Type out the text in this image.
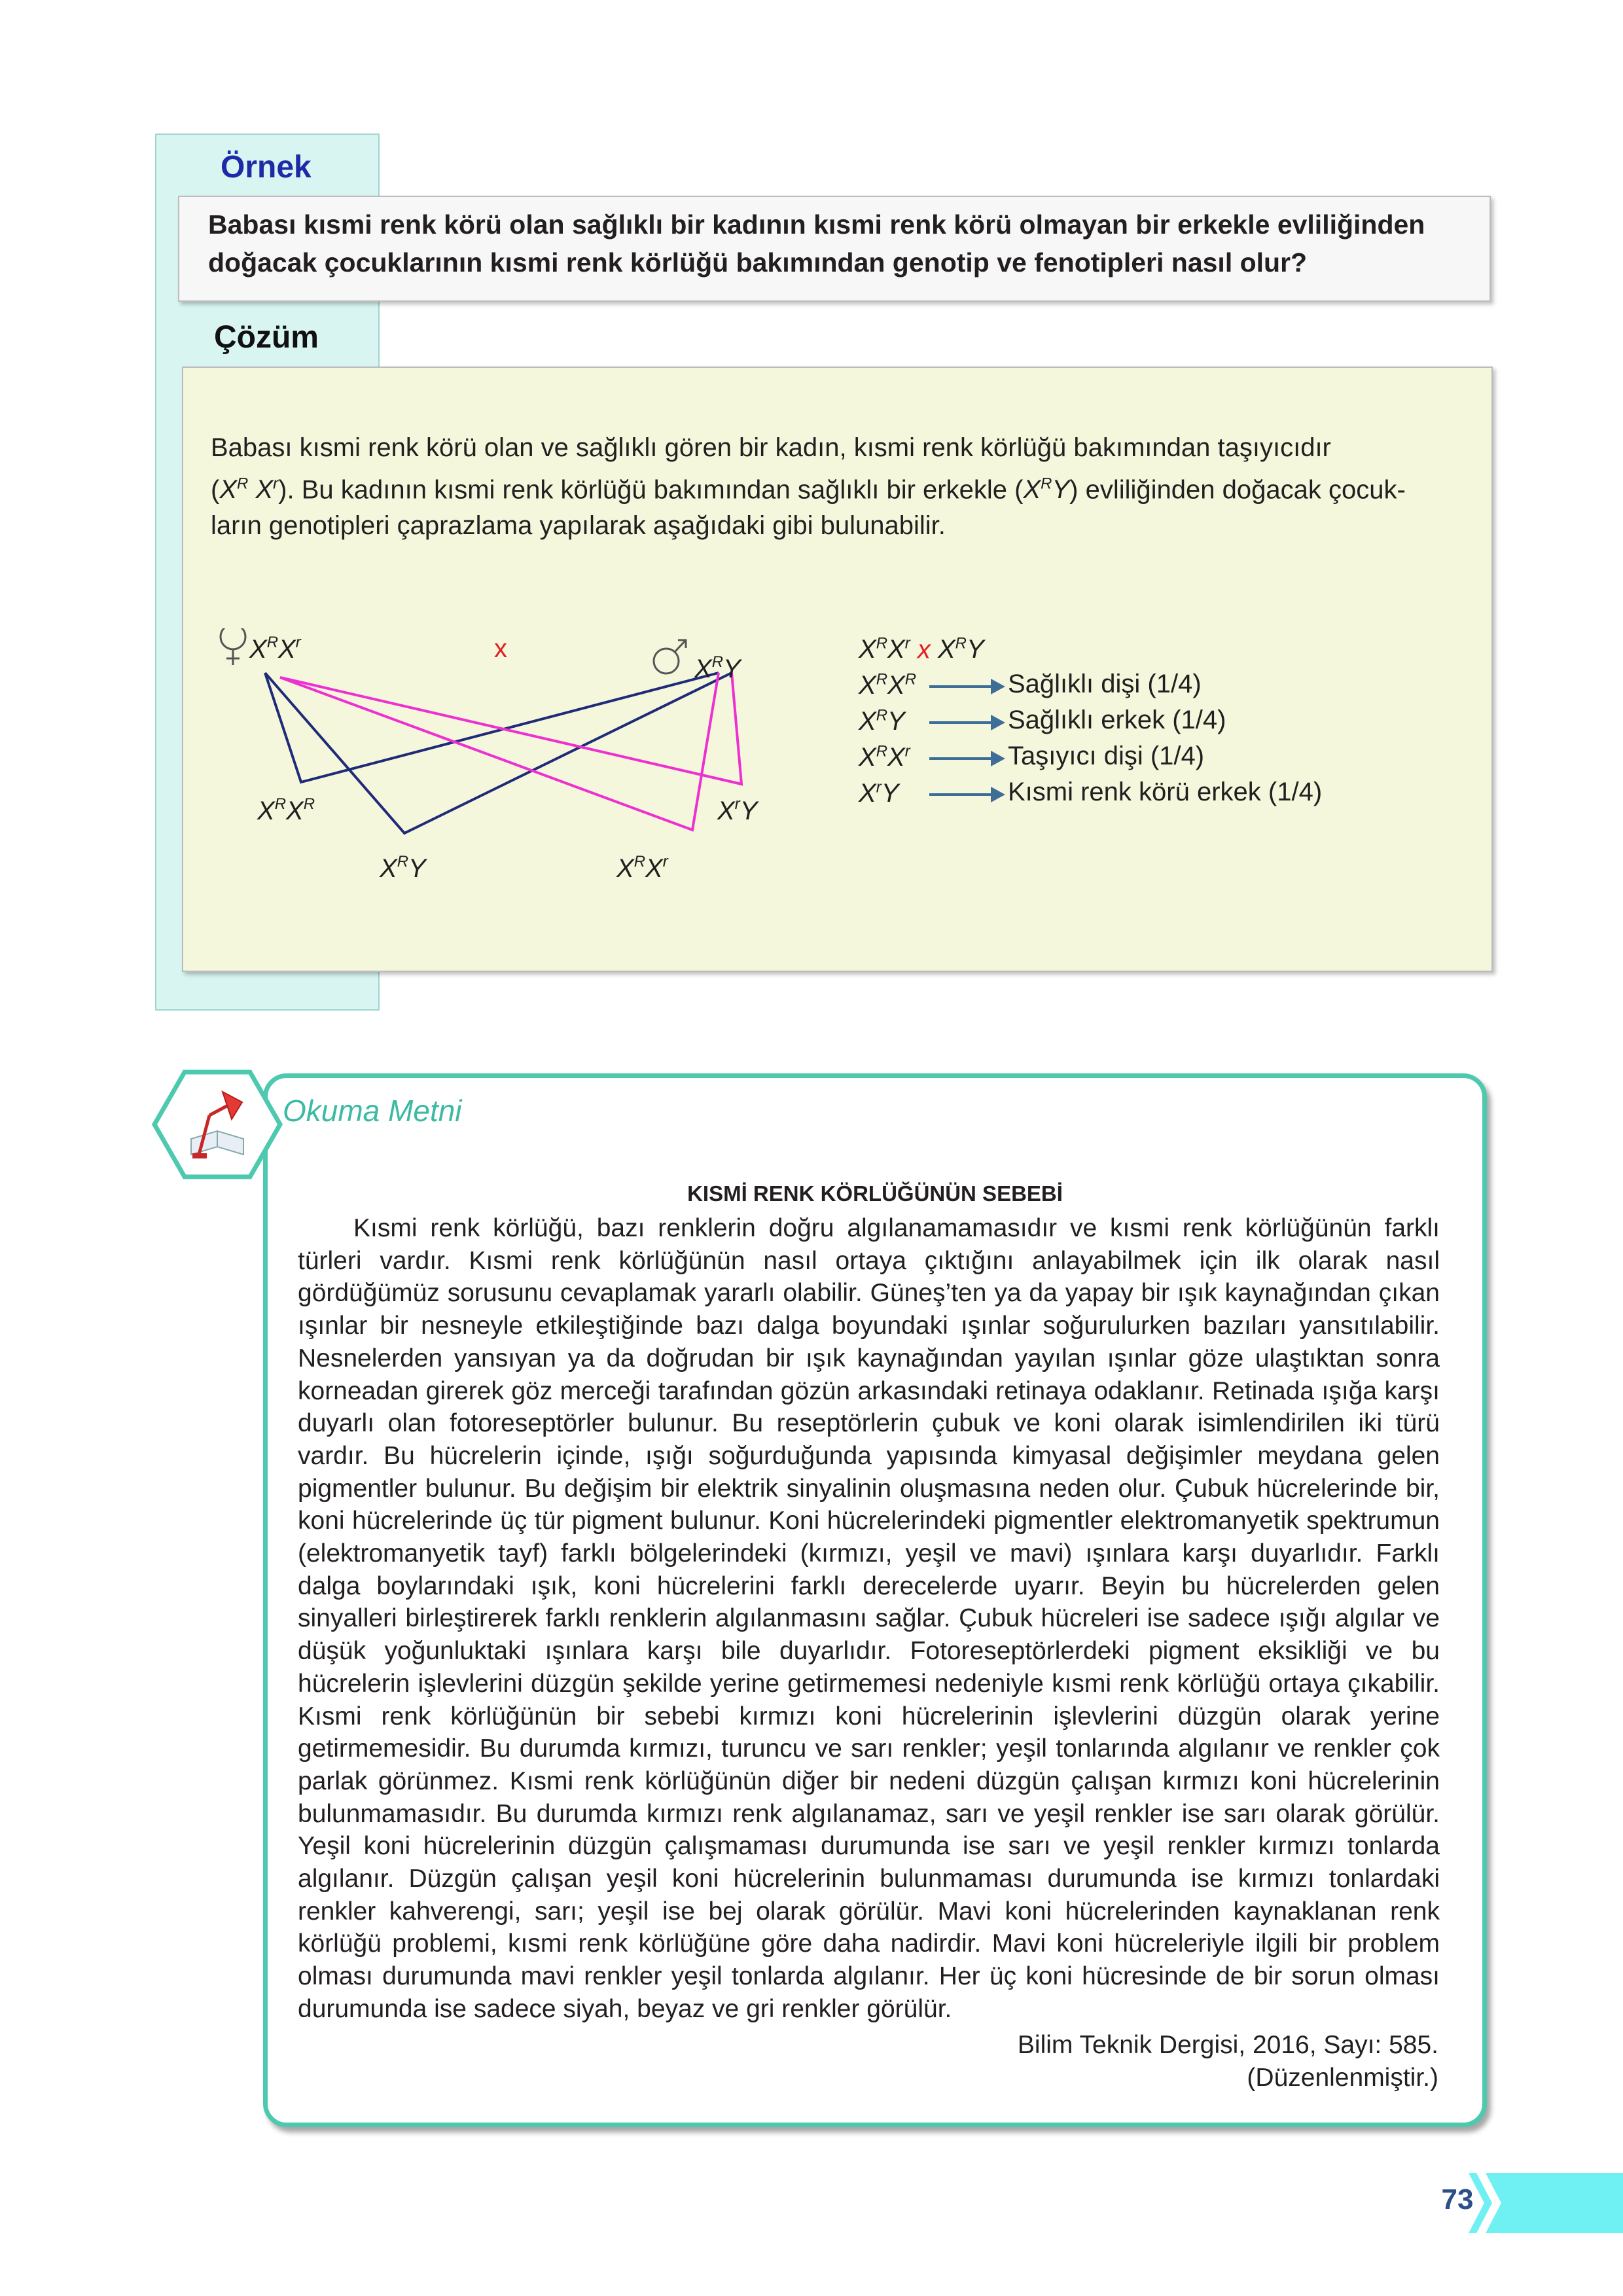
Örnek
Babası kısmi renk körü olan sağlıklı bir kadının kısmi renk körü olmayan bir erkekle evliliğinden doğacak çocuklarının kısmi renk körlüğü bakımından genotip ve fenotipleri nasıl olur?
Çözüm

Babası kısmi renk körü olan ve sağlıklı gören bir kadın, kısmi renk körlüğü bakımından taşıyıcıdır

($X^R$ $X^r$). Bu kadının kısmi renk körlüğü bakımından sağlıklı bir erkekle $(X^RY)$ evliliğinden doğacak çocuk-

ların genotipleri çaprazlama yapılarak aşağıdaki gibi bulunabilir.

$X^RX^r$	x
$X^RY$
$X^RX^R$	$X^rY$
$X^RY$	$X^RX^r$
$X^RX^r$ x $X^RY$
$X^RX^R$	Sağlıklı dişi (1/4)
$X^RY$	Sağlıklı erkek (1/4)
$X^RX^r$	Taşıyıcı dişi (1/4)
$X^rY$	Kısmi renk körü erkek (1/4)
Okuma Metni
KISMİ RENK KÖRLÜĞÜNÜN SEBEBİ

Kısmi renk körlüğü, bazı renklerin doğru algılanamamasıdır ve kısmi renk körlüğünün farklı türleri vardır. Kısmi renk körlüğünün nasıl ortaya çıktığını anlayabilmek için ilk olarak nasıl gördüğümüz sorusunu cevaplamak yararlı olabilir. Güneş’ten ya da yapay bir ışık kaynağından çıkan ışınlar bir nesneyle etkileştiğinde bazı dalga boyundaki ışınlar soğurulurken bazıları yansıtılabilir. Nesnelerden yansıyan ya da doğrudan bir ışık kaynağından yayılan ışınlar göze ulaştıktan sonra korneadan girerek göz merceği tarafından gözün arkasındaki retinaya odaklanır. Retinada ışığa karşı duyarlı olan fotoreseptörler bulunur. Bu reseptörlerin çubuk ve koni olarak isimlendirilen iki türü vardır. Bu hücrelerin içinde, ışığı soğurduğunda yapısında kimyasal değişimler meydana gelen pigmentler bulunur. Bu değişim bir elektrik sinyalinin oluşmasına neden olur. Çubuk hücrelerinde bir, koni hücrelerinde üç tür pigment bulunur. Koni hücrelerindeki pigmentler elektromanyetik spektrumun (elektromanyetik tayf) farklı bölgelerindeki (kırmızı, yeşil ve mavi) ışınlara karşı duyarlıdır. Farklı dalga boylarındaki ışık, koni hücrelerini farklı derecelerde uyarır. Beyin bu hücrelerden gelen sinyalleri birleştirerek farklı renklerin algılanmasını sağlar. Çubuk hücreleri ise sadece ışığı algılar ve düşük yoğunluktaki ışınlara karşı bile duyarlıdır. Fotoreseptörlerdeki pigment eksikliği ve bu hücrelerin işlevlerini düzgün şekilde yerine getirmemesi nedeniyle kısmi renk körlüğü ortaya çıkabilir. Kısmi renk körlüğünün bir sebebi kırmızı koni hücrelerinin işlevlerini düzgün olarak yerine getirmemesidir. Bu durumda kırmızı, turuncu ve sarı renkler; yeşil tonlarında algılanır ve renkler çok parlak görünmez. Kısmi renk körlüğünün diğer bir nedeni düzgün çalışan kırmızı koni hücrelerinin bulunmamasıdır. Bu durumda kırmızı renk algılanamaz, sarı ve yeşil renkler ise sarı olarak görülür. Yeşil koni hücrelerinin düzgün çalışmaması durumunda ise sarı ve yeşil renkler kırmızı tonlarda algılanır. Düzgün çalışan yeşil koni hücrelerinin bulunmaması durumunda ise kırmızı tonlardaki renkler kahverengi, sarı; yeşil ise bej olarak görülür. Mavi koni hücrelerinden kaynaklanan renk körlüğü problemi, kısmi renk körlüğüne göre daha nadirdir. Mavi koni hücreleriyle ilgili bir problem olması durumunda mavi renkler yeşil tonlarda algılanır. Her üç koni hücresinde de bir sorun olması durumunda ise sadece siyah, beyaz ve gri renkler görülür.

Bilim Teknik Dergisi, 2016, Sayı: 585.
(Düzenlenmiştir.)
73
